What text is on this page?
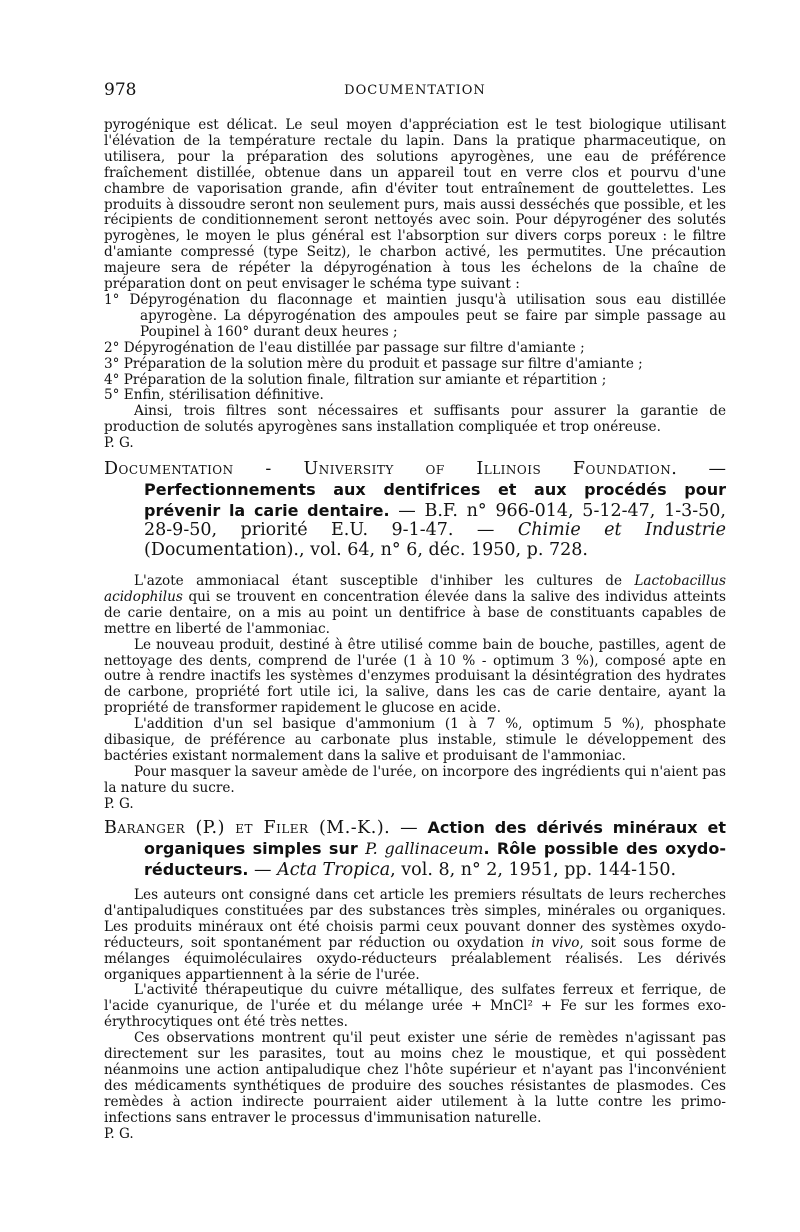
978	DOCUMENTATION

pyrogénique est délicat. Le seul moyen d'appréciation est le test biologique utilisant l'élévation de la température rectale du lapin. Dans la pratique pharmaceutique, on utilisera, pour la préparation des solutions apyrogènes, une eau de préférence fraîchement distillée, obtenue dans un appareil tout en verre clos et pourvu d'une chambre de vaporisation grande, afin d'éviter tout entraînement de gouttelettes. Les produits à dissoudre seront non seulement purs, mais aussi desséchés que possible, et les récipients de conditionnement seront nettoyés avec soin. Pour dépyrogéner des solutés pyrogènes, le moyen le plus général est l'absorption sur divers corps poreux : le filtre d'amiante compressé (type Seitz), le charbon activé, les permutites. Une précaution majeure sera de répéter la dépyrogénation à tous les échelons de la chaîne de préparation dont on peut envisager le schéma type suivant :

1° Dépyrogénation du flaconnage et maintien jusqu'à utilisation sous eau distillée apyrogène. La dépyrogénation des ampoules peut se faire par simple passage au Poupinel à 160° durant deux heures ;
2° Dépyrogénation de l'eau distillée par passage sur filtre d'amiante ;
3° Préparation de la solution mère du produit et passage sur filtre d'amiante ;
4° Préparation de la solution finale, filtration sur amiante et répartition ;
5° Enfin, stérilisation définitive.

Ainsi, trois filtres sont nécessaires et suffisants pour assurer la garantie de production de solutés apyrogènes sans installation compliquée et trop onéreuse.

P. G.

Documentation - University of Illinois Foundation. — Perfectionnements aux dentifrices et aux procédés pour prévenir la carie dentaire. — B.F. n° 966-014, 5-12-47, 1-3-50, 28-9-50, priorité E.U. 9-1-47. — Chimie et Industrie (Documentation)., vol. 64, n° 6, déc. 1950, p. 728.

L'azote ammoniacal étant susceptible d'inhiber les cultures de Lactobacillus acidophilus qui se trouvent en concentration élevée dans la salive des individus atteints de carie dentaire, on a mis au point un dentifrice à base de constituants capables de mettre en liberté de l'ammoniac.

Le nouveau produit, destiné à être utilisé comme bain de bouche, pastilles, agent de nettoyage des dents, comprend de l'urée (1 à 10 % - optimum 3 %), composé apte en outre à rendre inactifs les systèmes d'enzymes produisant la désintégration des hydrates de carbone, propriété fort utile ici, la salive, dans les cas de carie dentaire, ayant la propriété de transformer rapidement le glucose en acide.

L'addition d'un sel basique d'ammonium (1 à 7 %, optimum 5 %), phosphate dibasique, de préférence au carbonate plus instable, stimule le développement des bactéries existant normalement dans la salive et produisant de l'ammoniac.

Pour masquer la saveur amède de l'urée, on incorpore des ingrédients qui n'aient pas la nature du sucre.

P. G.

Baranger (P.) et Filer (M.-K.). — Action des dérivés minéraux et organiques simples sur P. gallinaceum. Rôle possible des oxydo-réducteurs. — Acta Tropica, vol. 8, n° 2, 1951, pp. 144-150.

Les auteurs ont consigné dans cet article les premiers résultats de leurs recherches d'antipaludiques constituées par des substances très simples, minérales ou organiques. Les produits minéraux ont été choisis parmi ceux pouvant donner des systèmes oxydo-réducteurs, soit spontanément par réduction ou oxydation in vivo, soit sous forme de mélanges équimoléculaires oxydo-réducteurs préalablement réalisés. Les dérivés organiques appartiennent à la série de l'urée.

L'activité thérapeutique du cuivre métallique, des sulfates ferreux et ferrique, de l'acide cyanurique, de l'urée et du mélange urée + MnCl² + Fe sur les formes exo-érythrocytiques ont été très nettes.

Ces observations montrent qu'il peut exister une série de remèdes n'agissant pas directement sur les parasites, tout au moins chez le moustique, et qui possèdent néanmoins une action antipaludique chez l'hôte supérieur et n'ayant pas l'inconvénient des médicaments synthétiques de produire des souches résistantes de plasmodes. Ces remèdes à action indirecte pourraient aider utilement à la lutte contre les primo-infections sans entraver le processus d'immunisation naturelle.

P. G.
